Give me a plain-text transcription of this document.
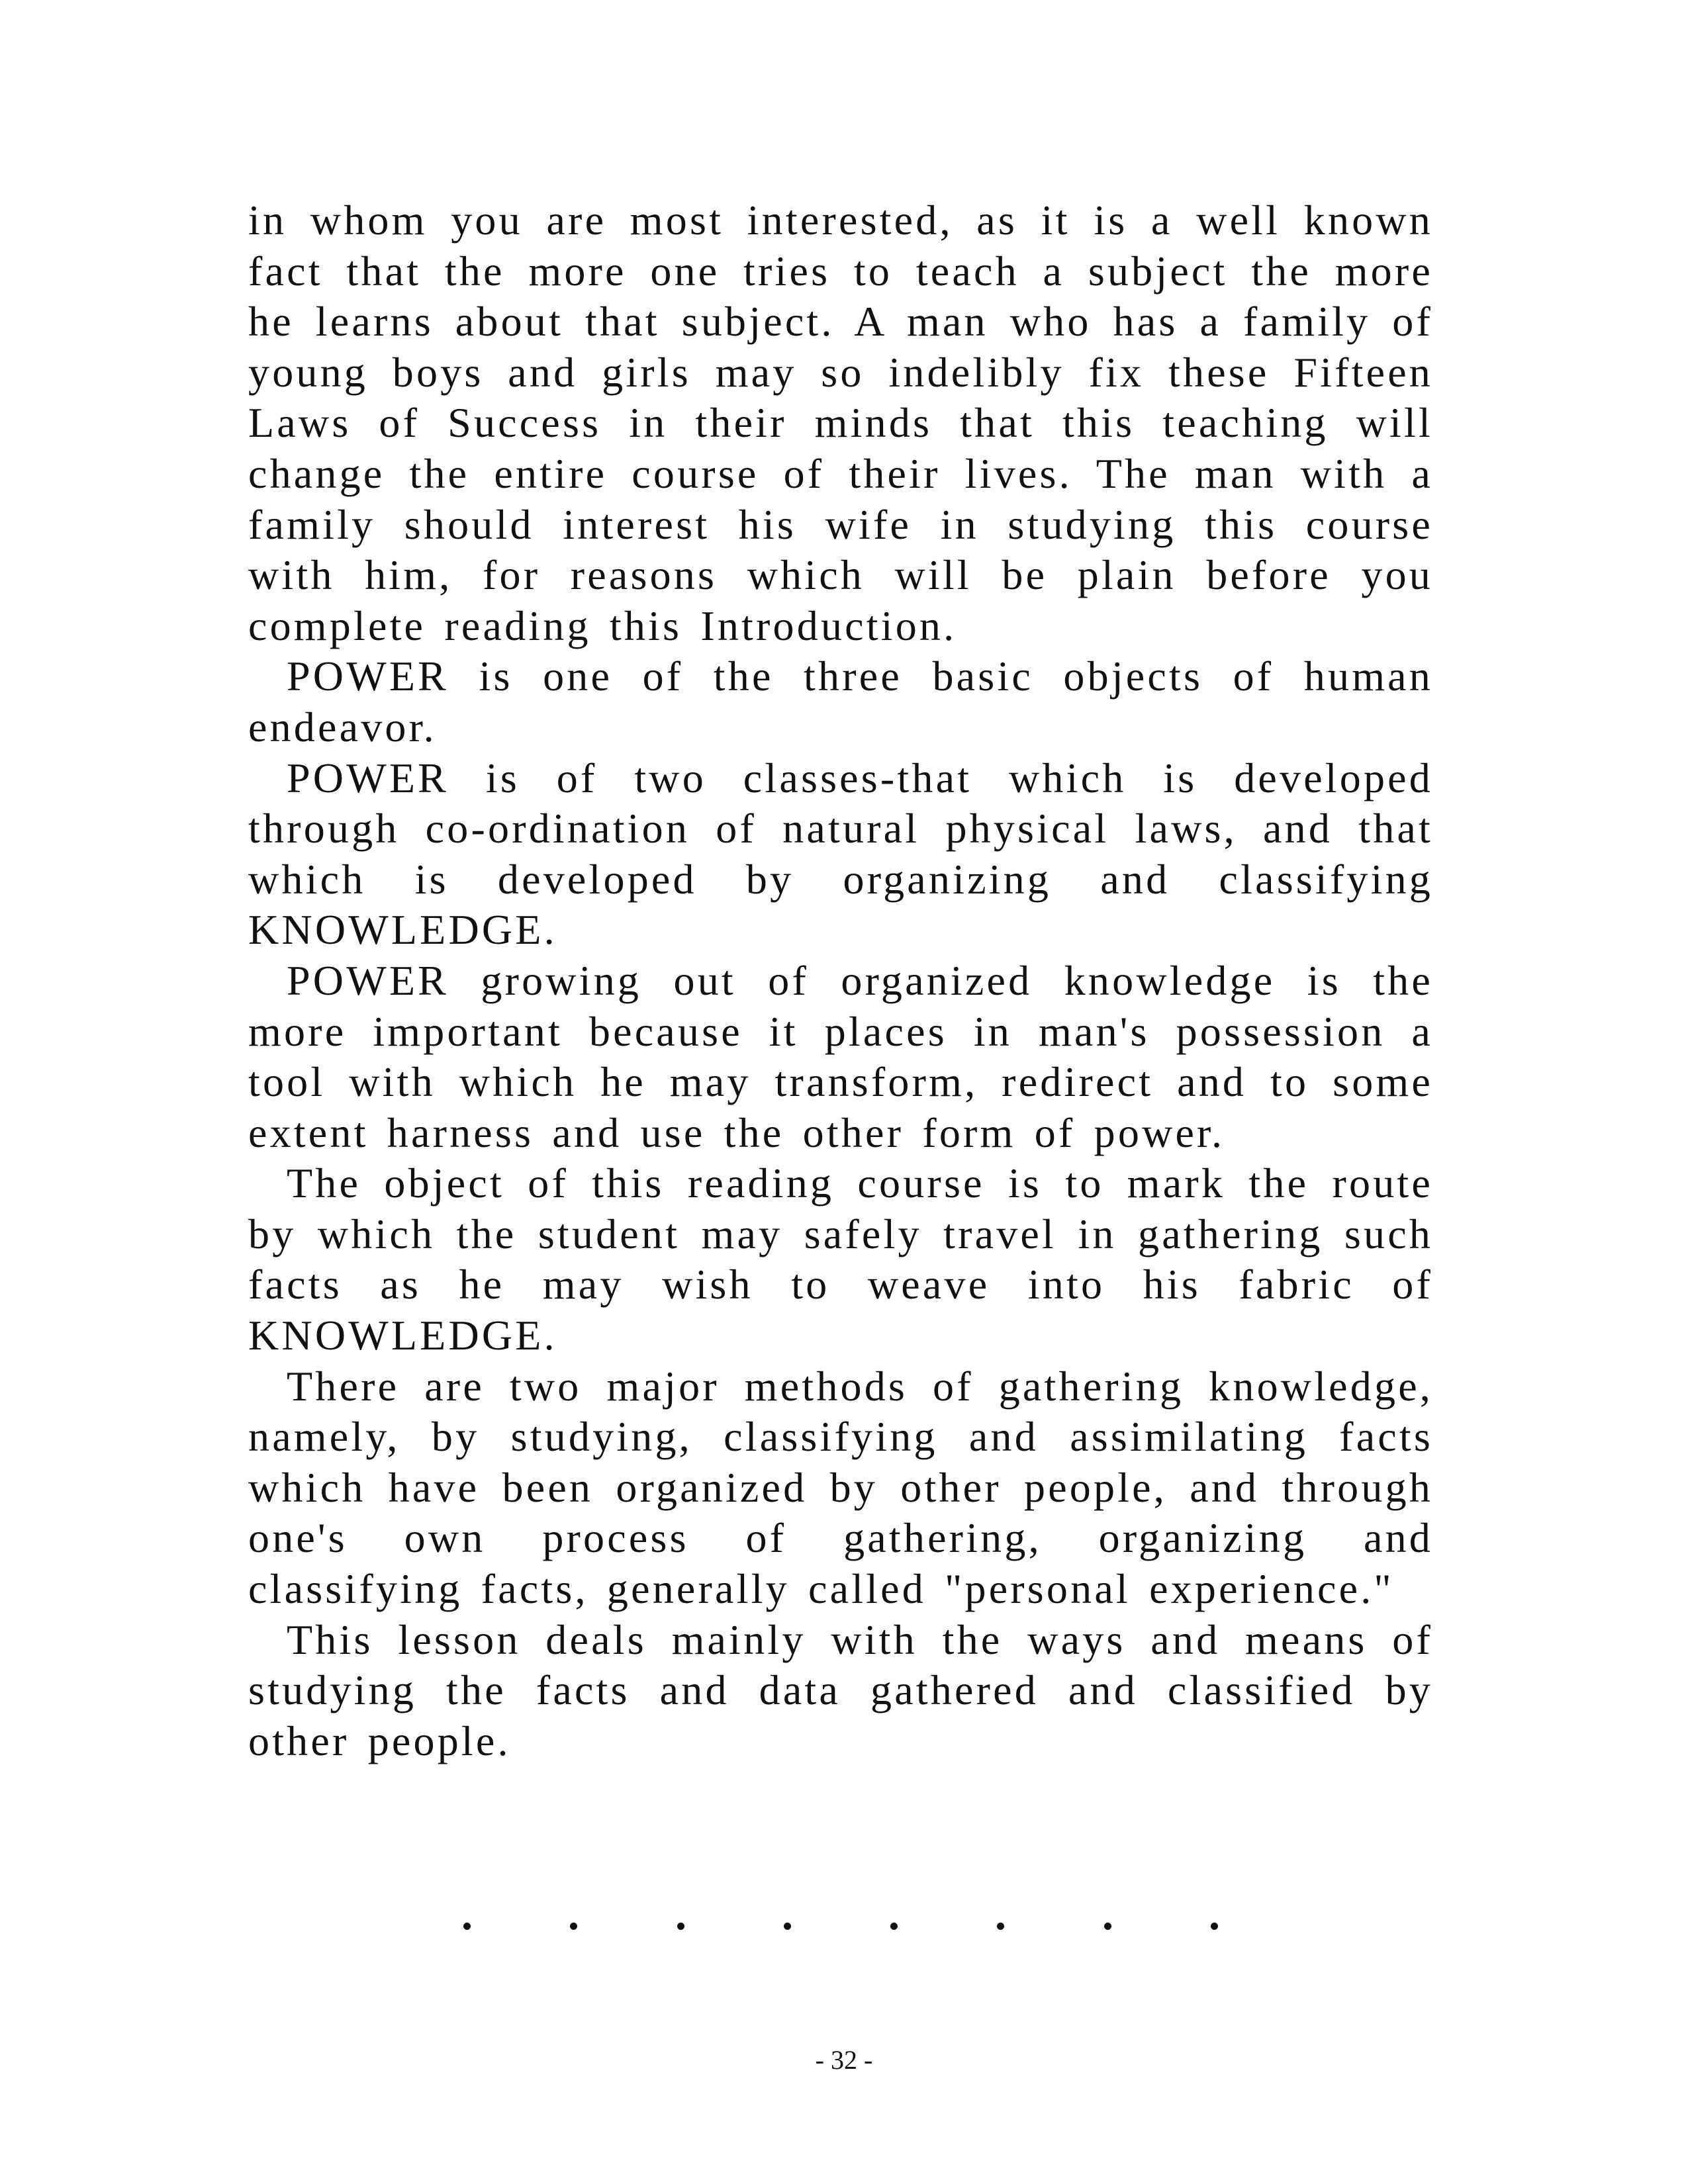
in whom you are most interested, as it is a well known fact that the more one tries to teach a subject the more he learns about that subject. A man who has a family of young boys and girls may so indelibly fix these Fifteen Laws of Success in their minds that this teaching will change the entire course of their lives. The man with a family should interest his wife in studying this course with him, for reasons which will be plain before you complete reading this Introduction.

POWER is one of the three basic objects of human endeavor.

POWER is of two classes-that which is developed through co-ordination of natural physical laws, and that which is developed by organizing and classifying KNOWLEDGE.

POWER growing out of organized knowledge is the more important because it places in man's possession a tool with which he may transform, redirect and to some extent harness and use the other form of power.

The object of this reading course is to mark the route by which the student may safely travel in gathering such facts as he may wish to weave into his fabric of KNOWLEDGE.

There are two major methods of gathering knowledge, namely, by studying, classifying and assimilating facts which have been organized by other people, and through one's own process of gathering, organizing and classifying facts, generally called "personal experience."

This lesson deals mainly with the ways and means of studying the facts and data gathered and classified by other people.

- 32 -
